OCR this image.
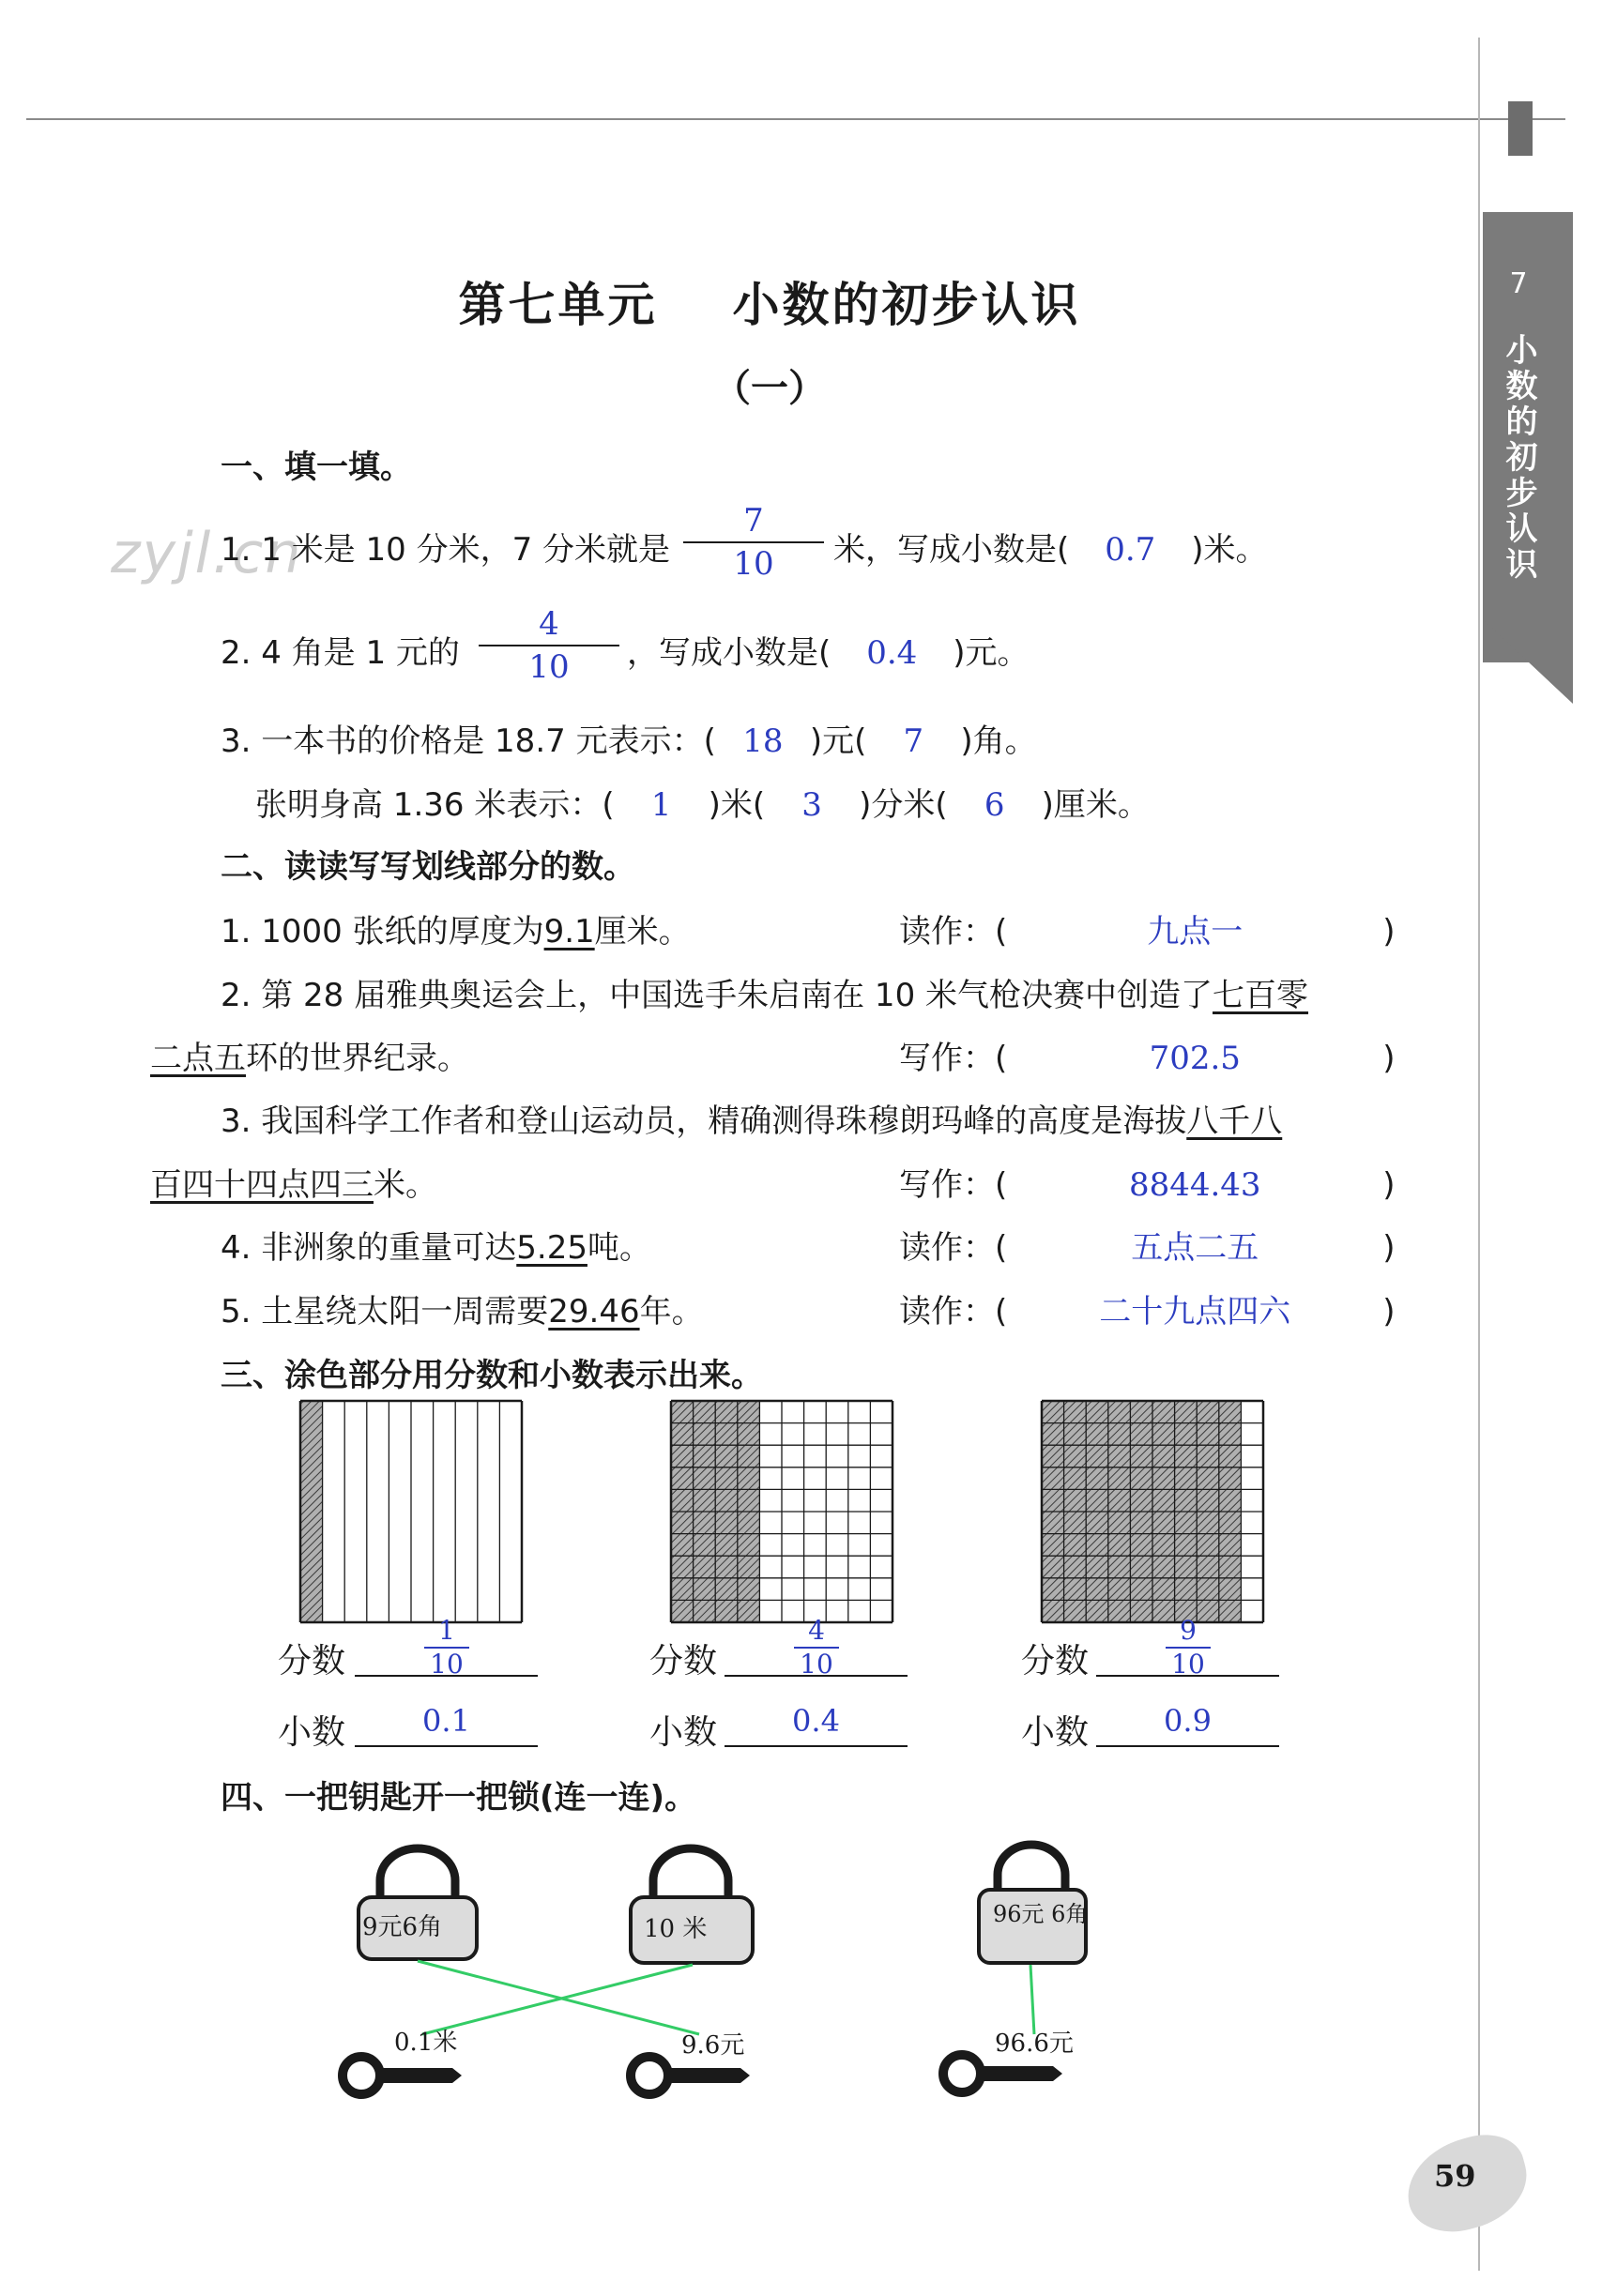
7
小数的初步认识
zyjl.cn
第七单元 小数的初步认识
（一）
一、填一填。
1. 1 米是 10 分米，7 分米就是
7
10	米，写成小数是( 0.7 )米。
2. 4 角是 1 元的
4
10	，写成小数是( 0.4 )元。
3. 一本书的价格是 18.7 元表示：( 18 )元( 7 )角。
张明身高 1.36 米表示：( 1 )米( 3 )分米( 6 )厘米。
二、读读写写划线部分的数。
1. 1000 张纸的厚度为9.1厘米。	读作：(	九点一	)
2. 第 28 届雅典奥运会上，中国选手朱启南在 10 米气枪决赛中创造了七百零
二点五环的世界纪录。	写作：(	702.5	)
3. 我国科学工作者和登山运动员，精确测得珠穆朗玛峰的高度是海拔八千八
百四十四点四三米。	写作：(	8844.43	)
4. 非洲象的重量可达5.25吨。	读作：(	五点二五	)
5. 土星绕太阳一周需要29.46年。	读作：(	二十九点四六	)
三、涂色部分用分数和小数表示出来。
分数
1
10
小数	0.1
分数
4
10
小数	0.4
分数
9
10
小数	0.9
四、一把钥匙开一把锁(连一连)。
9元6角	10 米
96元 6角
0.1米	9.6元	96.6元
59
